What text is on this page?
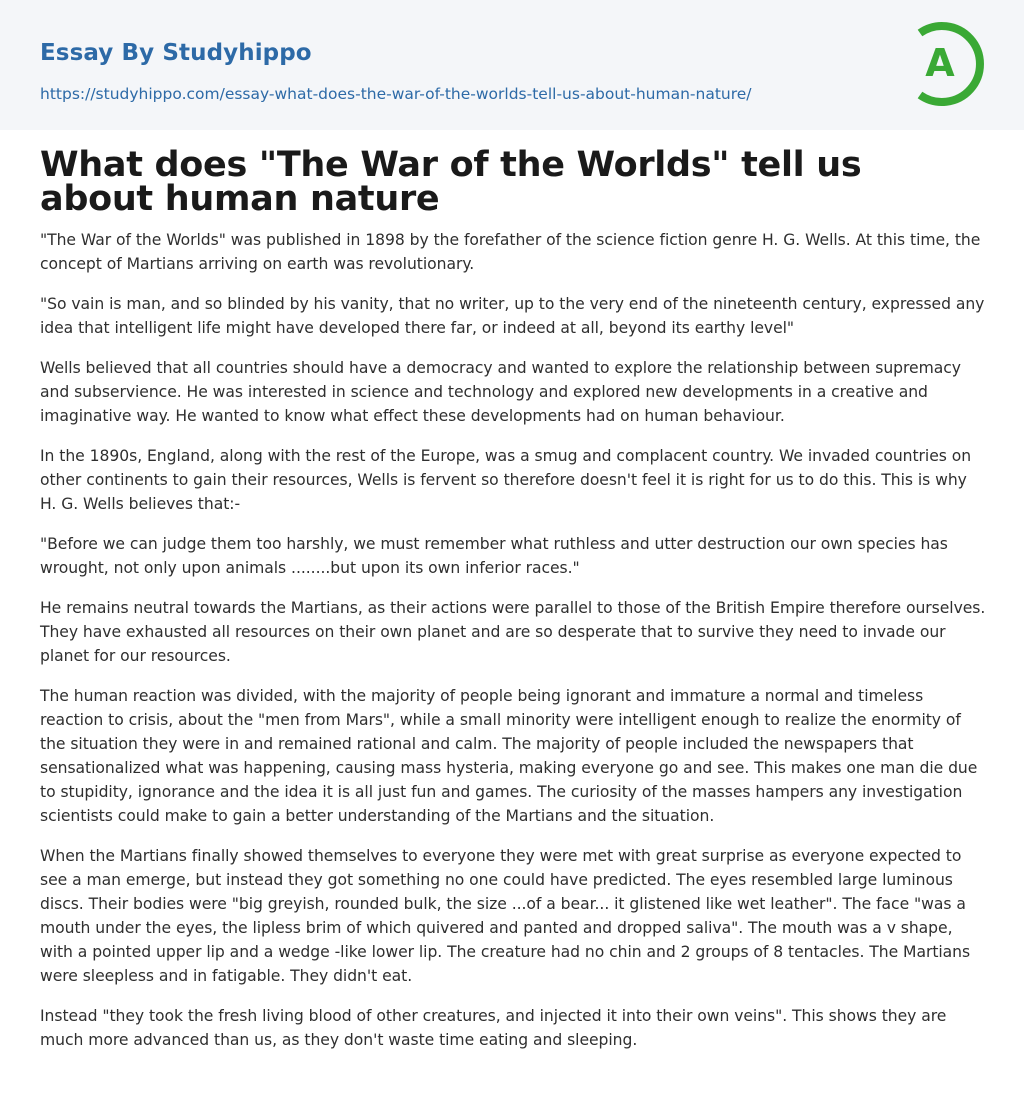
Essay By Studyhippo
https://studyhippo.com/essay-what-does-the-war-of-the-worlds-tell-us-about-human-nature/
A
What does "The War of the Worlds" tell us about human nature

"The War of the Worlds" was published in 1898 by the forefather of the science fiction genre H. G. Wells. At this time, the concept of Martians arriving on earth was revolutionary.

"So vain is man, and so blinded by his vanity, that no writer, up to the very end of the nineteenth century, expressed any idea that intelligent life might have developed there far, or indeed at all, beyond its earthy level"

Wells believed that all countries should have a democracy and wanted to explore the relationship between supremacy and subservience. He was interested in science and technology and explored new developments in a creative and imaginative way. He wanted to know what effect these developments had on human behaviour.

In the 1890s, England, along with the rest of the Europe, was a smug and complacent country. We invaded countries on other continents to gain their resources, Wells is fervent so therefore doesn't feel it is right for us to do this. This is why H. G. Wells believes that:-

"Before we can judge them too harshly, we must remember what ruthless and utter destruction our own species has wrought, not only upon animals ........but upon its own inferior races."

He remains neutral towards the Martians, as their actions were parallel to those of the British Empire therefore ourselves. They have exhausted all resources on their own planet and are so desperate that to survive they need to invade our planet for our resources.

The human reaction was divided, with the majority of people being ignorant and immature a normal and timeless reaction to crisis, about the "men from Mars", while a small minority were intelligent enough to realize the enormity of the situation they were in and remained rational and calm. The majority of people included the newspapers that sensationalized what was happening, causing mass hysteria, making everyone go and see. This makes one man die due to stupidity, ignorance and the idea it is all just fun and games. The curiosity of the masses hampers any investigation scientists could make to gain a better understanding of the Martians and the situation.

When the Martians finally showed themselves to everyone they were met with great surprise as everyone expected to see a man emerge, but instead they got something no one could have predicted. The eyes resembled large luminous discs. Their bodies were "big greyish, rounded bulk, the size ...of a bear... it glistened like wet leather". The face "was a mouth under the eyes, the lipless brim of which quivered and panted and dropped saliva". The mouth was a v shape, with a pointed upper lip and a wedge -like lower lip. The creature had no chin and 2 groups of 8 tentacles. The Martians were sleepless and in fatigable. They didn't eat.

Instead "they took the fresh living blood of other creatures, and injected it into their own veins". This shows they are much more advanced than us, as they don't waste time eating and sleeping.
